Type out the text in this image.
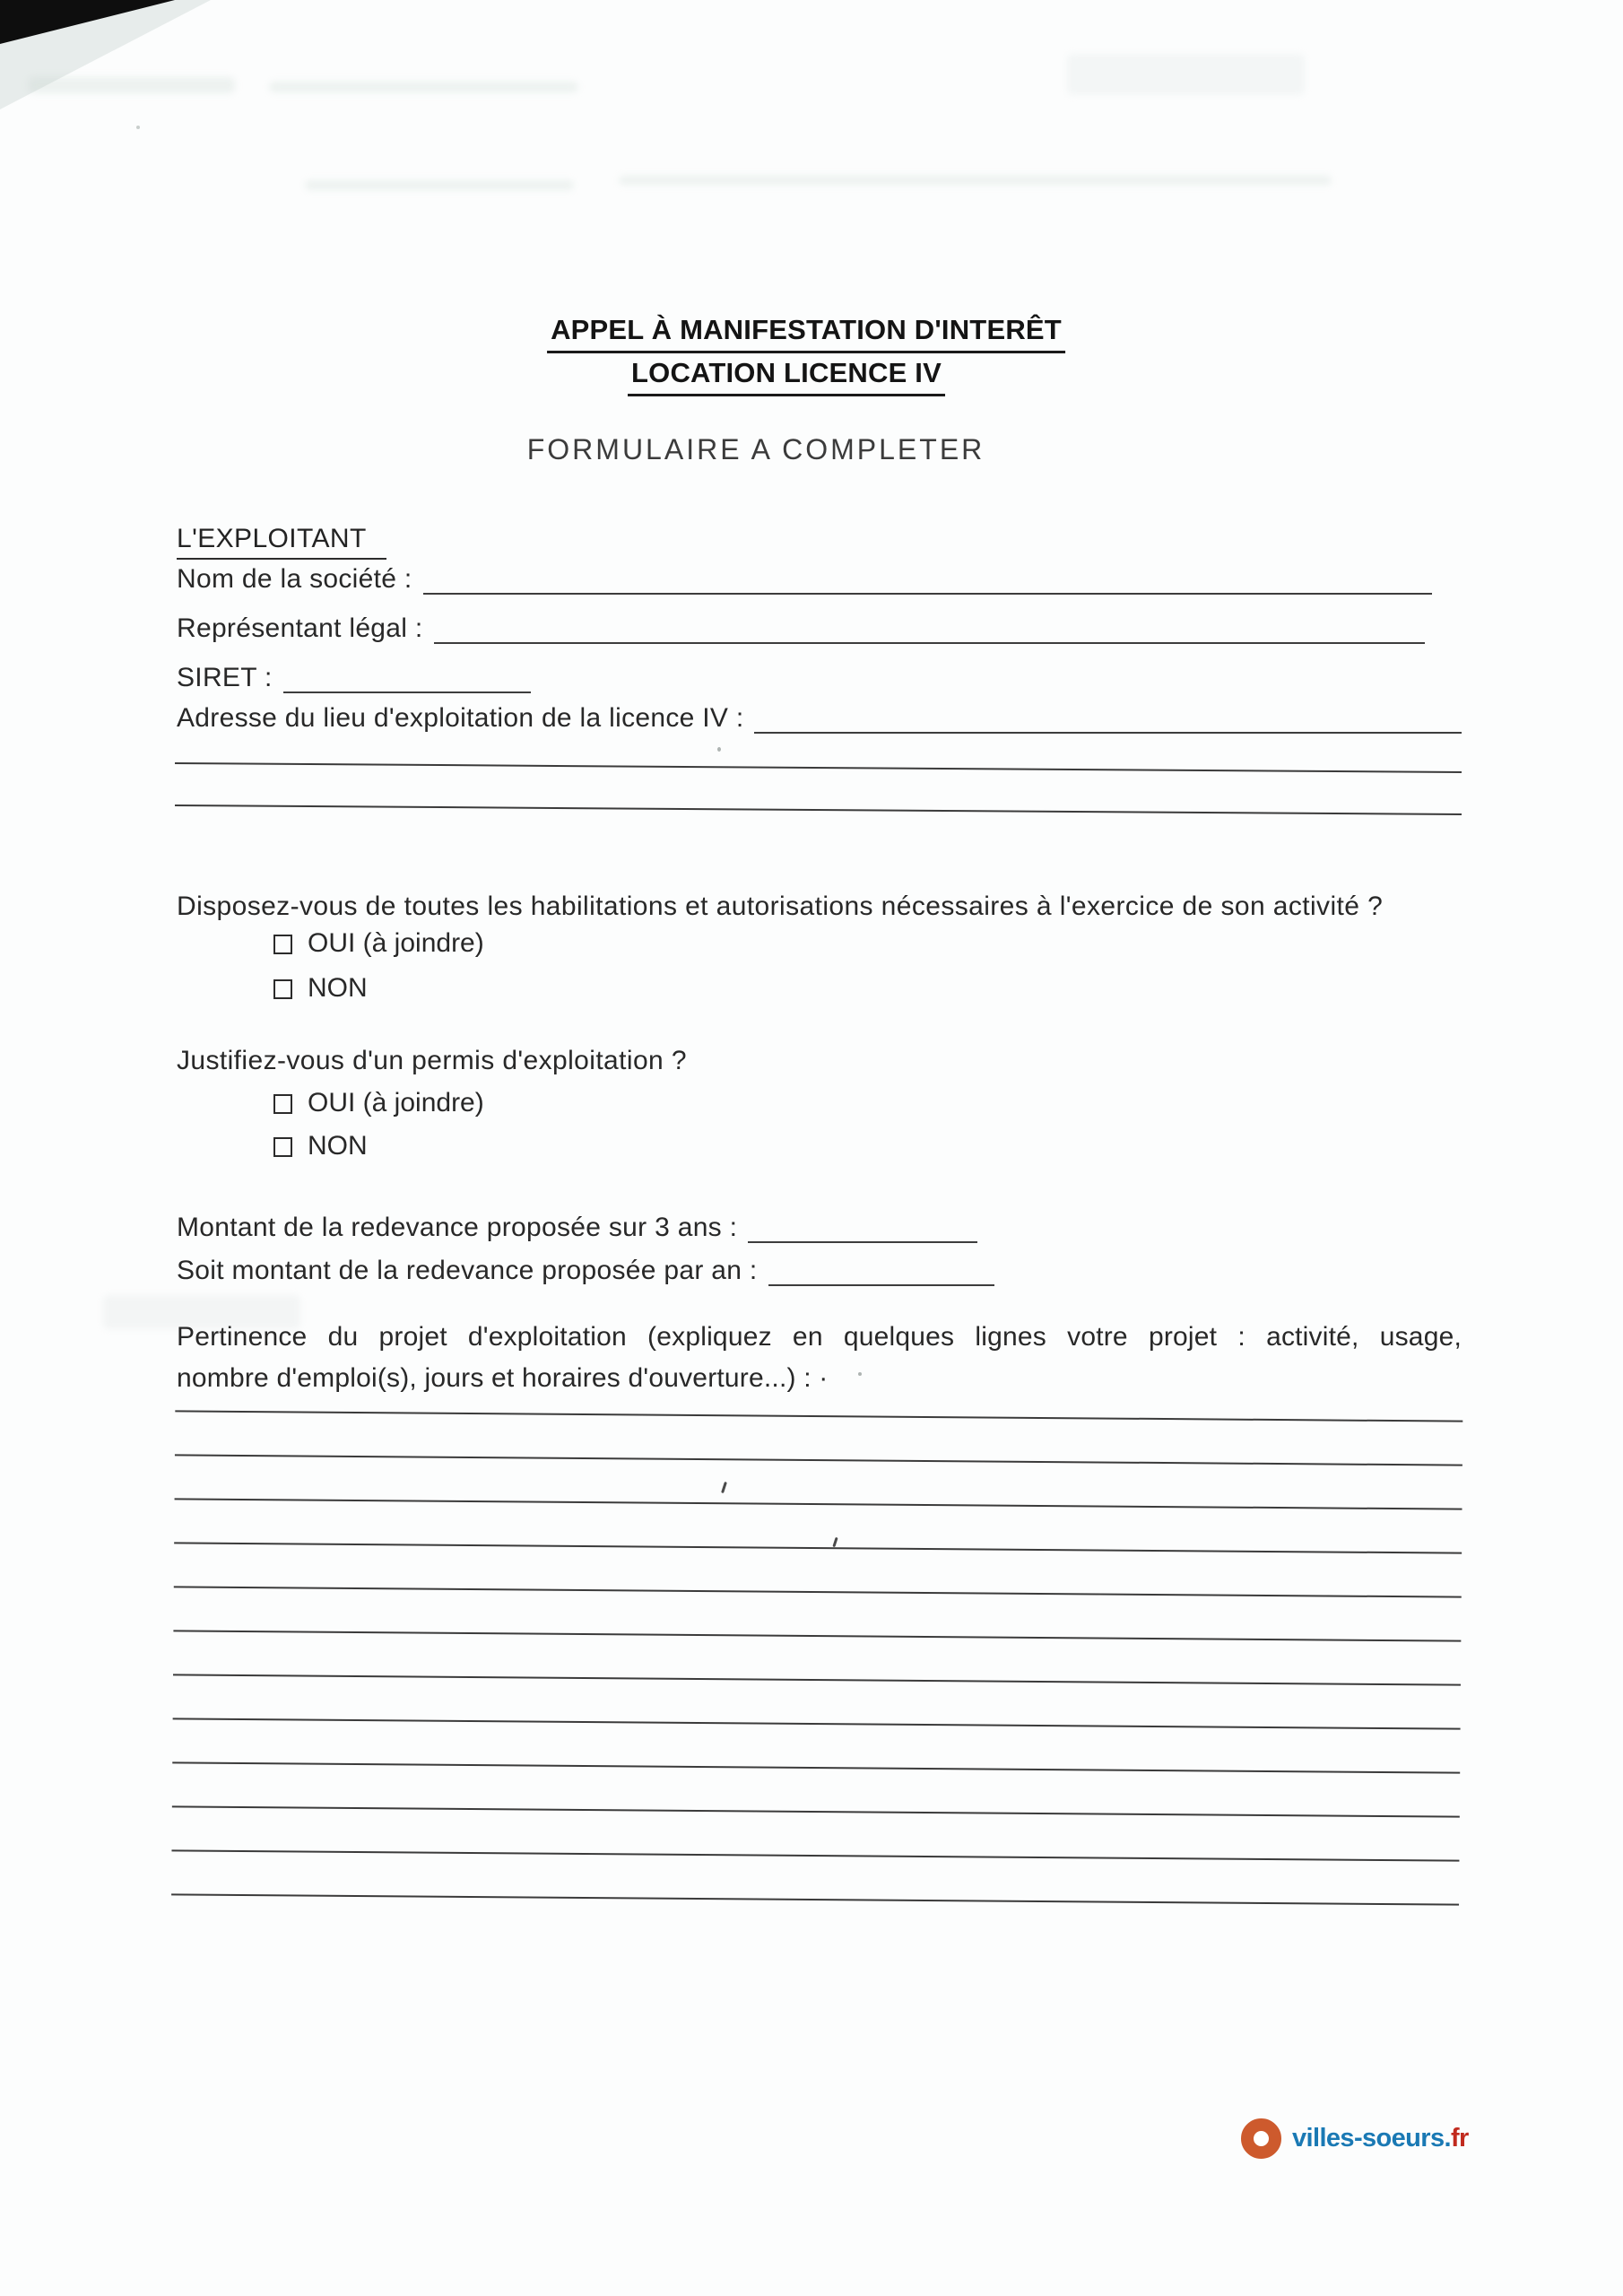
APPEL À MANIFESTATION D'INTERÊT
LOCATION LICENCE IV
FORMULAIRE A COMPLETER
L'EXPLOITANT
Nom de la société :
Représentant légal :
SIRET :
Adresse du lieu d'exploitation de la licence IV :
Disposez-vous de toutes les habilitations et autorisations nécessaires à l'exercice de son activité ?
OUI (à joindre)
NON
Justifiez-vous d'un permis d'exploitation ?
OUI (à joindre)
NON
Montant de la redevance proposée sur 3 ans :
Soit montant de la redevance proposée par an :
Pertinence du projet d'exploitation (expliquez en quelques lignes votre projet : activité, usage,
nombre d'emploi(s), jours et horaires d'ouverture...) : ·
villes-soeurs.fr
